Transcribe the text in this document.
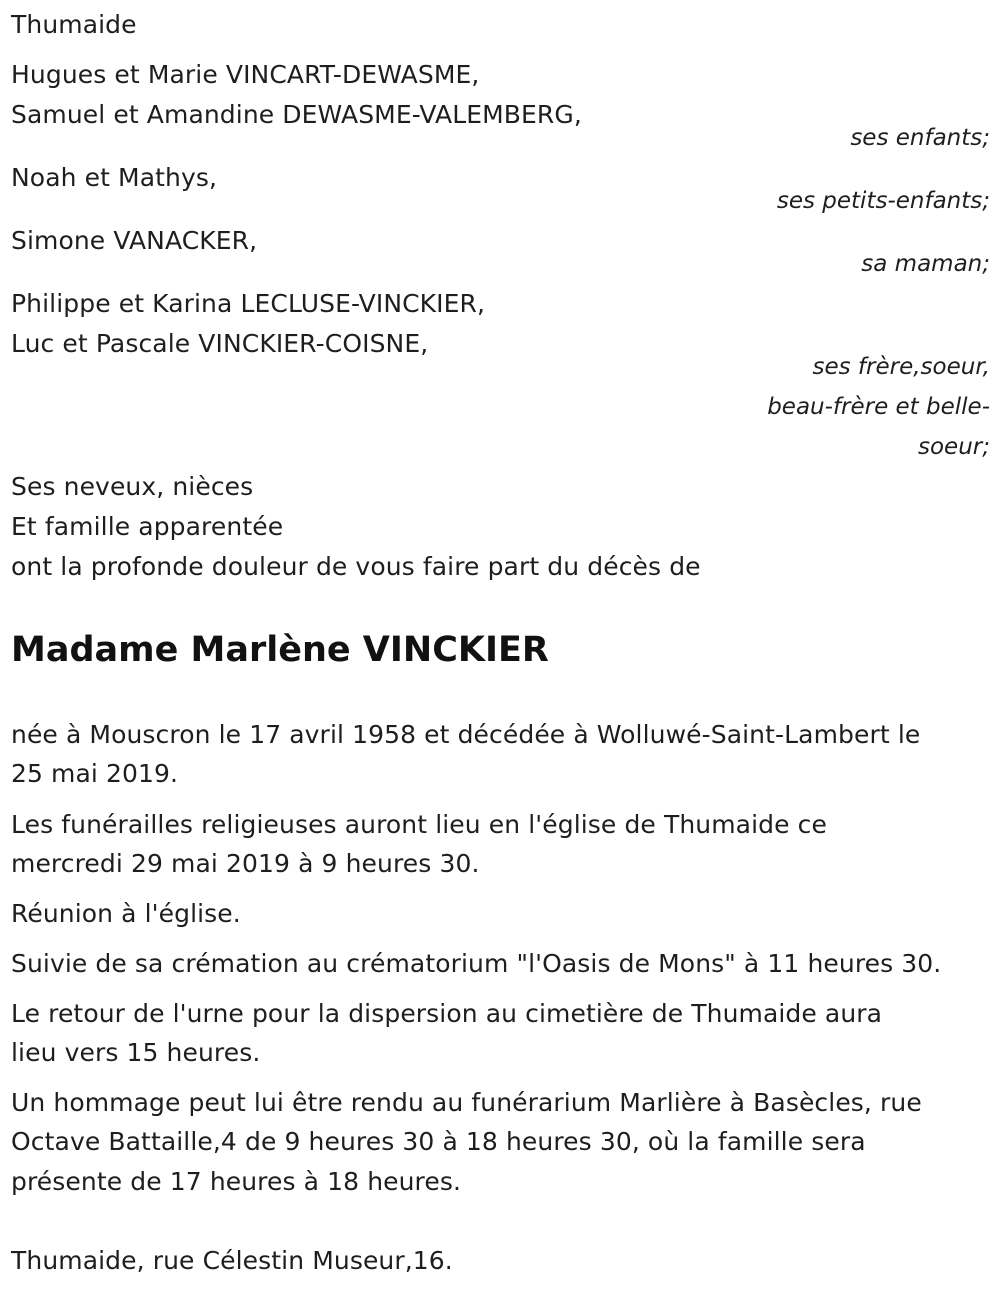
Thumaide
Hugues et Marie VINCART-DEWASME,
Samuel et Amandine DEWASME-VALEMBERG,
ses enfants;
Noah et Mathys,
ses petits-enfants;
Simone VANACKER,
sa maman;
Philippe et Karina LECLUSE-VINCKIER,
Luc et Pascale VINCKIER-COISNE,
ses frère,soeur,
beau-frère et belle-
soeur;
Ses neveux, nièces
Et famille apparentée
ont la profonde douleur de vous faire part du décès de
Madame Marlène VINCKIER
née à Mouscron le 17 avril 1958 et décédée à Wolluwé-Saint-Lambert le
25 mai 2019.
Les funérailles religieuses auront lieu en l'église de Thumaide ce
mercredi 29 mai 2019 à 9 heures 30.
Réunion à l'église.
Suivie de sa crémation au crématorium "l'Oasis de Mons" à 11 heures 30.
Le retour de l'urne pour la dispersion au cimetière de Thumaide aura
lieu vers 15 heures.
Un hommage peut lui être rendu au funérarium Marlière à Basècles, rue
Octave Battaille,4 de 9 heures 30 à 18 heures 30, où la famille sera
présente de 17 heures à 18 heures.
Thumaide, rue Célestin Museur,16.
